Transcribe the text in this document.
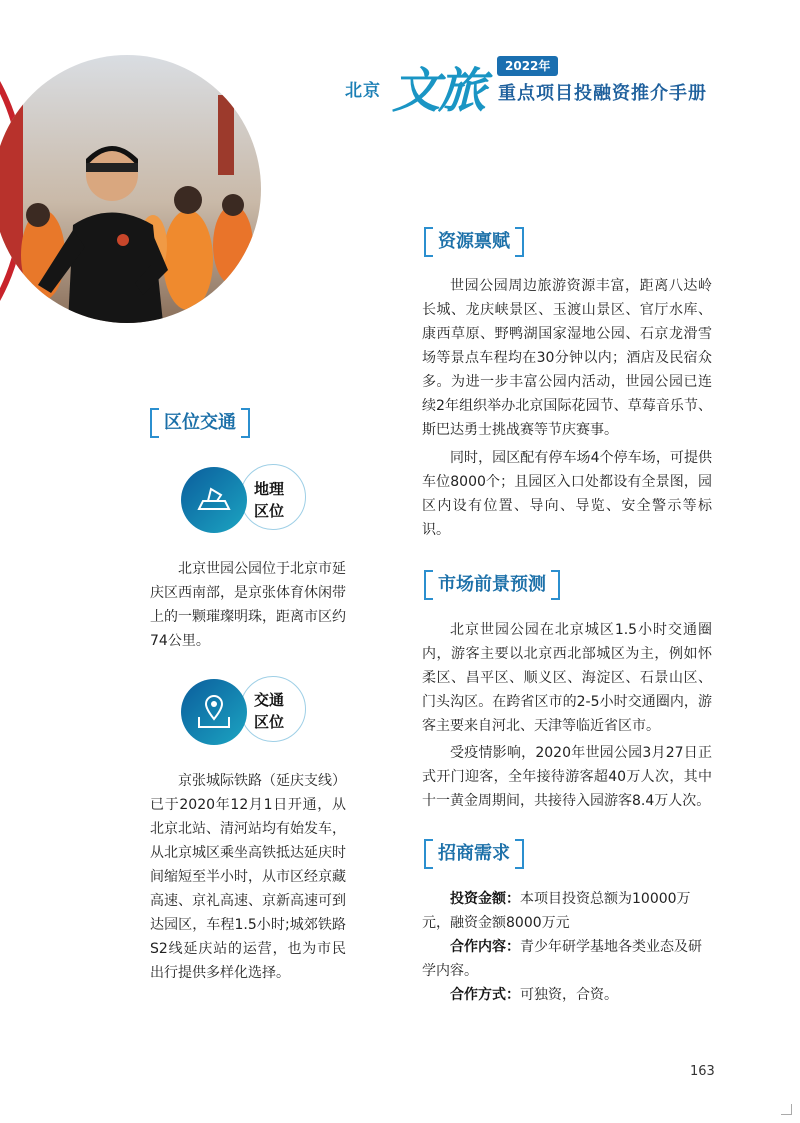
北京 文旅	2022年
重点项目投融资推介手册
区位交通
地理
区位

北京世园公园位于北京市延庆区西南部，是京张体育休闲带上的一颗璀璨明珠，距离市区约74公里。

交通
区位

京张城际铁路（延庆支线）已于2020年12月1日开通，从北京北站、清河站均有始发车，从北京城区乘坐高铁抵达延庆时间缩短至半小时，从市区经京藏高速、京礼高速、京新高速可到达园区，车程1.5小时;城郊铁路S2线延庆站的运营，也为市民出行提供多样化选择。

资源禀赋

世园公园周边旅游资源丰富，距离八达岭长城、龙庆峡景区、玉渡山景区、官厅水库、康西草原、野鸭湖国家湿地公园、石京龙滑雪场等景点车程均在30分钟以内；酒店及民宿众多。为进一步丰富公园内活动，世园公园已连续2年组织举办北京国际花园节、草莓音乐节、斯巴达勇士挑战赛等节庆赛事。

同时，园区配有停车场4个停车场，可提供车位8000个；且园区入口处都设有全景图，园区内设有位置、导向、导览、安全警示等标识。

市场前景预测

北京世园公园在北京城区1.5小时交通圈内，游客主要以北京西北部城区为主，例如怀柔区、昌平区、顺义区、海淀区、石景山区、门头沟区。在跨省区市的2-5小时交通圈内，游客主要来自河北、天津等临近省区市。

受疫情影响，2020年世园公园3月27日正式开门迎客，全年接待游客超40万人次，其中十一黄金周期间，共接待入园游客8.4万人次。

招商需求

投资金额：本项目投资总额为10000万元，融资金额8000万元

合作内容：青少年研学基地各类业态及研学内容。

合作方式：可独资，合资。

163
